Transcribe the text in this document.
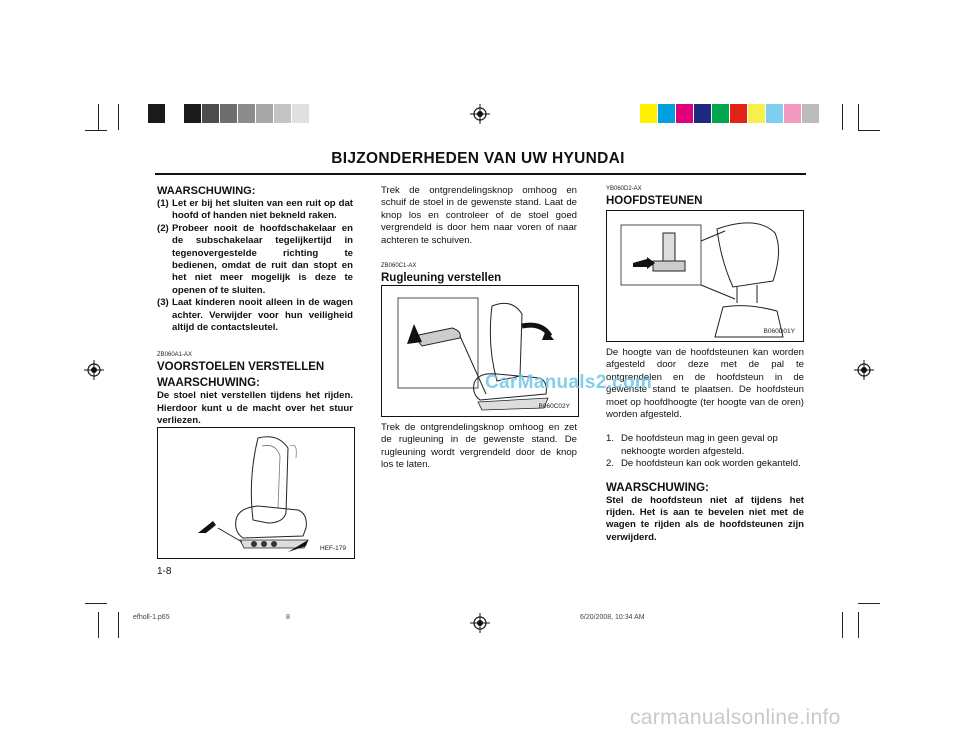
BIJZONDERHEDEN VAN UW HYUNDAI
WAARSCHUWING:
(1) Let er bij het sluiten van een ruit op dat hoofd of handen niet bekneld raken.
(2) Probeer nooit de hoofdschakelaar en de subschakelaar tegelijkertijd in tegenovergestelde richting te bedienen, omdat de ruit dan stopt en het niet meer mogelijk is deze te openen of te sluiten.
(3) Laat kinderen nooit alleen in de wagen achter. Verwijder voor hun veiligheid altijd de contactsleutel.
ZB060A1-AX
VOORSTOELEN VERSTELLEN
WAARSCHUWING:
De stoel niet verstellen tijdens het rijden. Hierdoor kunt u de macht over het stuur verliezen.
HEF-179
1-8
Trek de ontgrendelingsknop omhoog en schuif de stoel in de gewenste stand. Laat de knop los en controleer of de stoel goed vergrendeld is door hem naar voren of naar achteren te schuiven.
ZB060C1-AX
Rugleuning verstellen
B060C02Y
Trek de ontgrendelingsknop omhoog en zet de rugleuning in de gewenste stand. De rugleuning wordt vergrendeld door de knop los te laten.
YB060D2-AX
HOOFDSTEUNEN
B060D01Y
De hoogte van de hoofdsteunen kan worden afgesteld door deze met de pal te ontgrendelen en de hoofdsteun in de gewenste stand te plaatsen. De hoofdsteun moet op hoofdhoogte (ter hoogte van de oren) worden afgesteld.
1. De hoofdsteun mag in geen geval op nekhoogte worden afgesteld.
2. De hoofdsteun kan ook worden gekanteld.
WAARSCHUWING:
Stel de hoofdsteun niet af tijdens het rijden. Het is aan te bevelen niet met de wagen te rijden als de hoofdsteunen zijn verwijderd.
efholl-1.p65	8	6/20/2008, 10:34 AM
CarManuals2.com
carmanualsonline.info
